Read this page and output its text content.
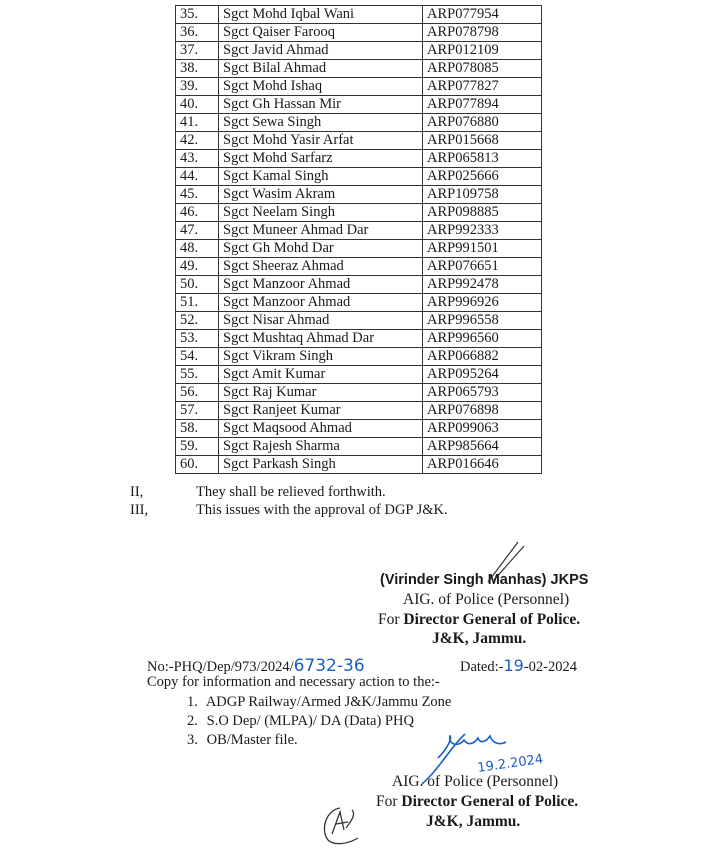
35.	Sgct Mohd Iqbal Wani	ARP077954
36.	Sgct Qaiser Farooq	ARP078798
37.	Sgct Javid Ahmad	ARP012109
38.	Sgct Bilal Ahmad	ARP078085
39.	Sgct Mohd Ishaq	ARP077827
40.	Sgct Gh Hassan Mir	ARP077894
41.	Sgct Sewa Singh	ARP076880
42.	Sgct Mohd Yasir Arfat	ARP015668
43.	Sgct Mohd Sarfarz	ARP065813
44.	Sgct Kamal Singh	ARP025666
45.	Sgct Wasim Akram	ARP109758
46.	Sgct Neelam Singh	ARP098885
47.	Sgct Muneer Ahmad Dar	ARP992333
48.	Sgct Gh Mohd Dar	ARP991501
49.	Sgct Sheeraz Ahmad	ARP076651
50.	Sgct Manzoor Ahmad	ARP992478
51.	Sgct Manzoor Ahmad	ARP996926
52.	Sgct Nisar Ahmad	ARP996558
53.	Sgct Mushtaq Ahmad Dar	ARP996560
54.	Sgct Vikram Singh	ARP066882
55.	Sgct Amit Kumar	ARP095264
56.	Sgct Raj Kumar	ARP065793
57.	Sgct Ranjeet Kumar	ARP076898
58.	Sgct Maqsood Ahmad	ARP099063
59.	Sgct Rajesh Sharma	ARP985664
60.	Sgct Parkash Singh	ARP016646
II,	They shall be relieved forthwith.
III,	This issues with the approval of DGP J&K.
(Virinder Singh Manhas) JKPS
AIG. of Police (Personnel)
For Director General of Police.
J&K, Jammu.
No:-PHQ/Dep/973/2024/6732-36	Dated:-19-02-2024
Copy for information and necessary action to the:-
1. ADGP Railway/Armed J&K/Jammu Zone
2. S.O Dep/ (MLPA)/ DA (Data) PHQ
3. OB/Master file.
19.2.2024
AIG. of Police (Personnel)
For Director General of Police.
J&K, Jammu.
